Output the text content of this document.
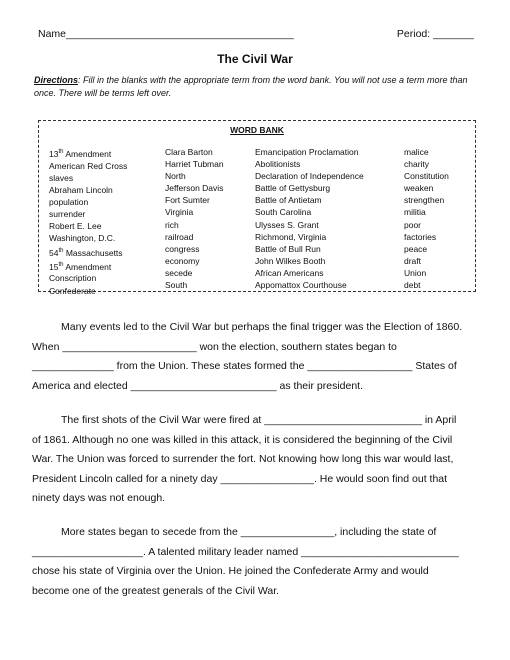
Name_______________________________________	Period: _______
The Civil War
Directions: Fill in the blanks with the appropriate term from the word bank. You will not use a term more than once. There will be terms left over.
WORD BANK
13th Amendment
American Red Cross
slaves
Abraham Lincoln
population
surrender
Robert E. Lee
Washington, D.C.
54th Massachusetts
15th Amendment
Conscription
Confederate
Clara Barton
Harriet Tubman
North
Jefferson Davis
Fort Sumter
Virginia
rich
railroad
congress
economy
secede
South
Emancipation Proclamation
Abolitionists
Declaration of Independence
Battle of Gettysburg
Battle of Antietam
South Carolina
Ulysses S. Grant
Richmond, Virginia
Battle of Bull Run
John Wilkes Booth
African Americans
Appomattox Courthouse
malice
charity
Constitution
weaken
strengthen
militia
poor
factories
peace
draft
Union
debt
Many events led to the Civil War but perhaps the final trigger was the Election of 1860.
When _______________________ won the election, southern states began to
______________ from the Union. These states formed the __________________ States of
America and elected _________________________ as their president.
The first shots of the Civil War were fired at ___________________________ in April
of 1861. Although no one was killed in this attack, it is considered the beginning of the Civil
War. The Union was forced to surrender the fort. Not knowing how long this war would last,
President Lincoln called for a ninety day ________________. He would soon find out that
ninety days was not enough.
More states began to secede from the ________________, including the state of
___________________. A talented military leader named ___________________________
chose his state of Virginia over the Union. He joined the Confederate Army and would
become one of the greatest generals of the Civil War.
